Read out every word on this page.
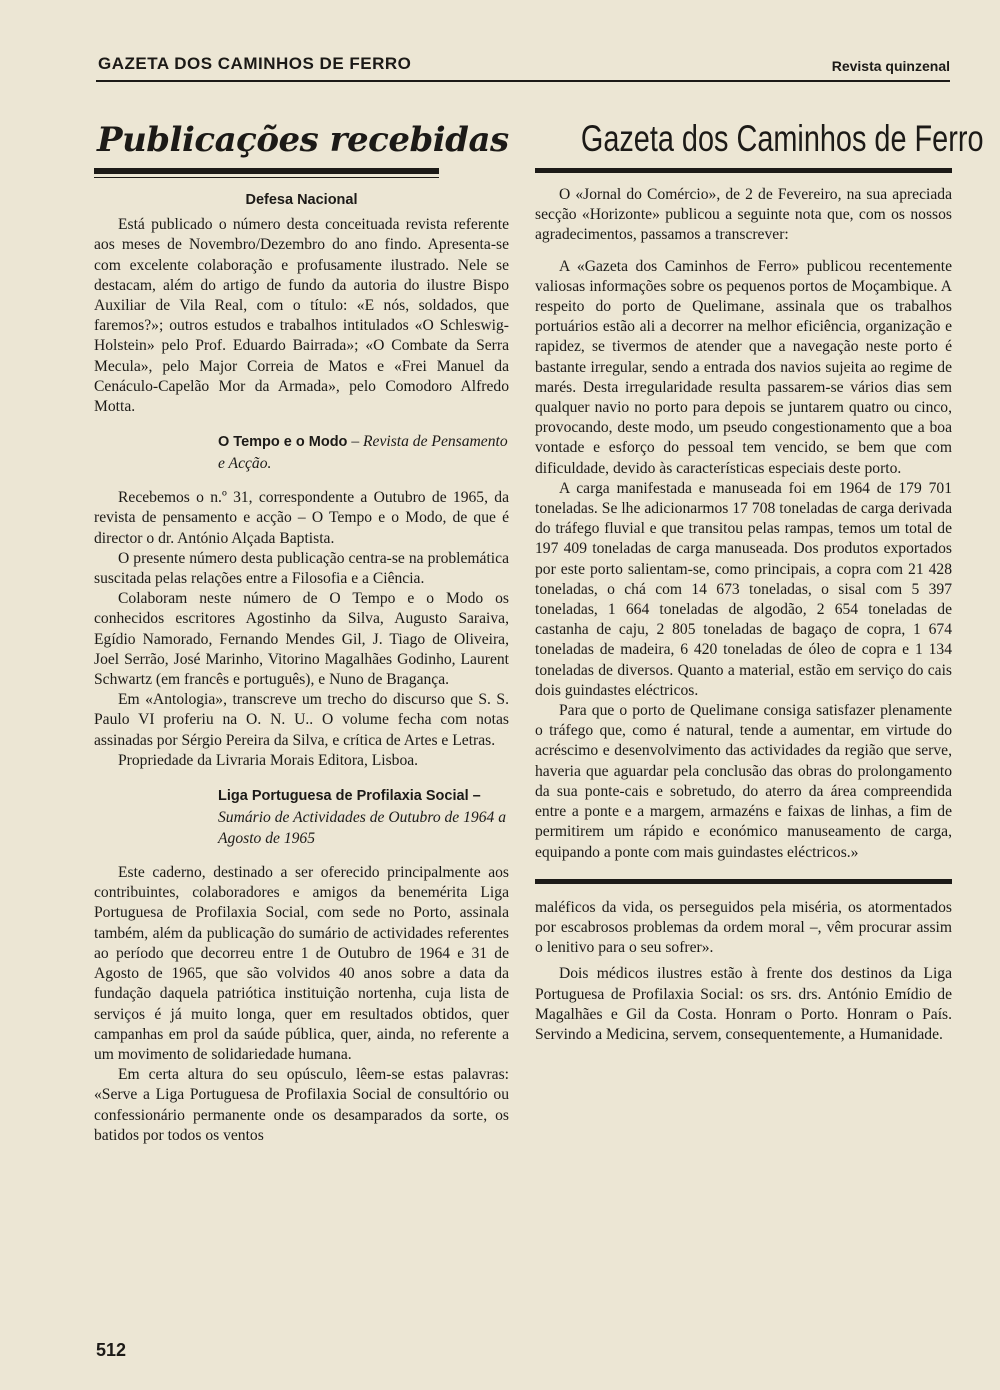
GAZETA DOS CAMINHOS DE FERRO	Revista quinzenal
Publicações recebidas
Defesa Nacional

Está publicado o número desta conceituada revista referente aos meses de Novembro/Dezembro do ano findo. Apresenta-se com excelente colaboração e profusamente ilustrado. Nele se destacam, além do artigo de fundo da autoria do ilustre Bispo Auxiliar de Vila Real, com o título: «E nós, soldados, que faremos?»; outros estudos e trabalhos intitulados «O Schleswig-Holstein» pelo Prof. Eduardo Bairrada»; «O Combate da Serra Mecula», pelo Major Correia de Matos e «Frei Manuel da Cenáculo-Capelão Mor da Armada», pelo Comodoro Alfredo Motta.

O Tempo e o Modo – Revista de Pensamento e Acção.

Recebemos o n.º 31, correspondente a Outubro de 1965, da revista de pensamento e acção – O Tempo e o Modo, de que é director o dr. António Alçada Baptista.

O presente número desta publicação centra-se na problemática suscitada pelas relações entre a Filosofia e a Ciência.

Colaboram neste número de O Tempo e o Modo os conhecidos escritores Agostinho da Silva, Augusto Saraiva, Egídio Namorado, Fernando Mendes Gil, J. Tiago de Oliveira, Joel Serrão, José Marinho, Vitorino Magalhães Godinho, Laurent Schwartz (em francês e português), e Nuno de Bragança.

Em «Antologia», transcreve um trecho do discurso que S. S. Paulo VI proferiu na O. N. U.. O volume fecha com notas assinadas por Sérgio Pereira da Silva, e crítica de Artes e Letras.

Propriedade da Livraria Morais Editora, Lisboa.

Liga Portuguesa de Profilaxia Social –
Sumário de Actividades de Outubro de 1964 a Agosto de 1965

Este caderno, destinado a ser oferecido principalmente aos contribuintes, colaboradores e amigos da benemérita Liga Portuguesa de Profilaxia Social, com sede no Porto, assinala também, além da publicação do sumário de actividades referentes ao período que decorreu entre 1 de Outubro de 1964 e 31 de Agosto de 1965, que são volvidos 40 anos sobre a data da fundação daquela patriótica instituição nortenha, cuja lista de serviços é já muito longa, quer em resultados obtidos, quer campanhas em prol da saúde pública, quer, ainda, no referente a um movimento de solidariedade humana.

Em certa altura do seu opúsculo, lêem-se estas palavras: «Serve a Liga Portuguesa de Profilaxia Social de consultório ou confessionário permanente onde os desamparados da sorte, os batidos por todos os ventos

Gazeta dos Caminhos de Ferro

O «Jornal do Comércio», de 2 de Fevereiro, na sua apreciada secção «Horizonte» publicou a seguinte nota que, com os nossos agradecimentos, passamos a transcrever:

A «Gazeta dos Caminhos de Ferro» publicou recentemente valiosas informações sobre os pequenos portos de Moçambique. A respeito do porto de Quelimane, assinala que os trabalhos portuários estão ali a decorrer na melhor eficiência, organização e rapidez, se tivermos de atender que a navegação neste porto é bastante irregular, sendo a entrada dos navios sujeita ao regime de marés. Desta irregularidade resulta passarem-se vários dias sem qualquer navio no porto para depois se juntarem quatro ou cinco, provocando, deste modo, um pseudo congestionamento que a boa vontade e esforço do pessoal tem vencido, se bem que com dificuldade, devido às características especiais deste porto.

A carga manifestada e manuseada foi em 1964 de 179 701 toneladas. Se lhe adicionarmos 17 708 toneladas de carga derivada do tráfego fluvial e que transitou pelas rampas, temos um total de 197 409 toneladas de carga manuseada. Dos produtos exportados por este porto salientam-se, como principais, a copra com 21 428 toneladas, o chá com 14 673 toneladas, o sisal com 5 397 toneladas, 1 664 toneladas de algodão, 2 654 toneladas de castanha de caju, 2 805 toneladas de bagaço de copra, 1 674 toneladas de madeira, 6 420 toneladas de óleo de copra e 1 134 toneladas de diversos. Quanto a material, estão em serviço do cais dois guindastes eléctricos.

Para que o porto de Quelimane consiga satisfazer plenamente o tráfego que, como é natural, tende a aumentar, em virtude do acréscimo e desenvolvimento das actividades da região que serve, haveria que aguardar pela conclusão das obras do prolongamento da sua ponte-cais e sobretudo, do aterro da área compreendida entre a ponte e a margem, armazéns e faixas de linhas, a fim de permitirem um rápido e económico manuseamento de carga, equipando a ponte com mais guindastes eléctricos.»

maléficos da vida, os perseguidos pela miséria, os atormentados por escabrosos problemas da ordem moral –, vêm procurar assim o lenitivo para o seu sofrer».

Dois médicos ilustres estão à frente dos destinos da Liga Portuguesa de Profilaxia Social: os srs. drs. António Emídio de Magalhães e Gil da Costa. Honram o Porto. Honram o País. Servindo a Medicina, servem, consequentemente, a Humanidade.

512
